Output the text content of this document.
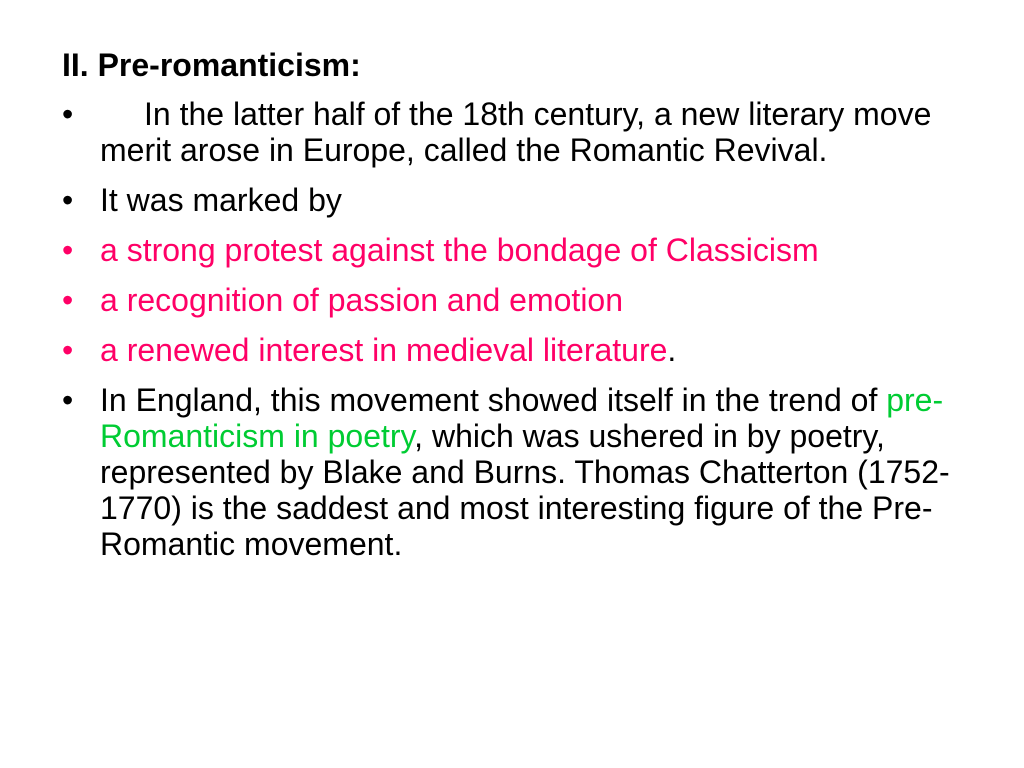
II. Pre-romanticism:
•	In the latter half of the 18th century, a new literary move merit arose in Europe, called the Romantic Revival.
• It was marked by
• a strong protest against the bondage of Classicism
• a recognition of passion and emotion
• a renewed interest in medieval literature.
• In England, this movement showed itself in the trend of pre-Romanticism in poetry, which was ushered in by poetry, represented by Blake and Burns. Thomas Chatterton (1752-1770) is the saddest and most interesting figure of the Pre-Romantic movement.
